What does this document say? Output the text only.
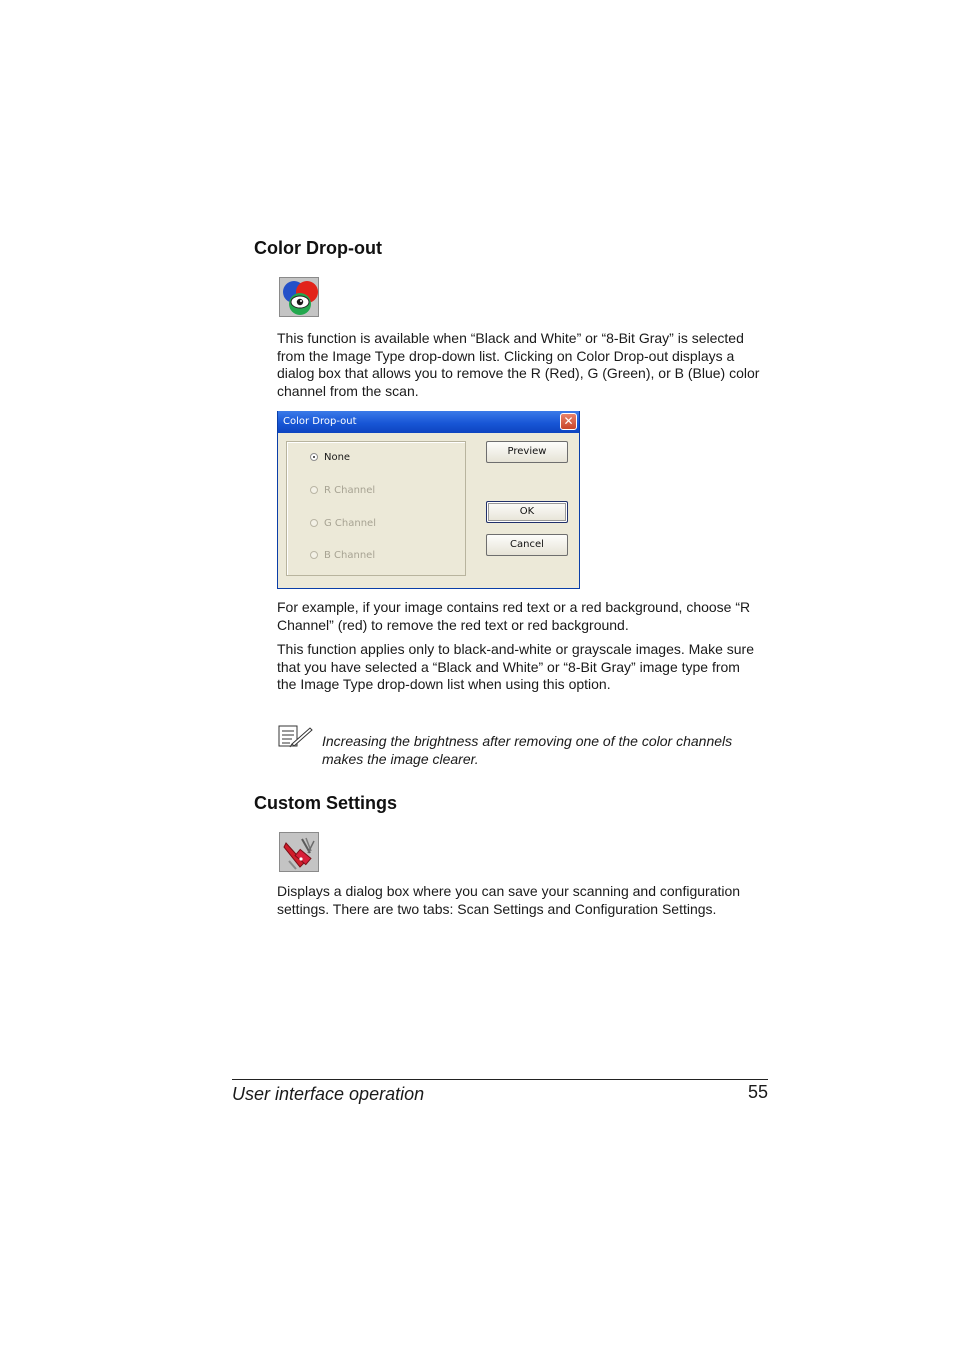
Color Drop-out
This function is available when “Black and White” or “8-Bit Gray” is selected
from the Image Type drop-down list. Clicking on Color Drop-out displays a
dialog box that allows you to remove the R (Red), G (Green), or B (Blue) color
channel from the scan.
Color Drop-out	✕
None
R Channel
G Channel
B Channel
Preview
OK
Cancel
For example, if your image contains red text or a red background, choose “R
Channel” (red) to remove the red text or red background.
This function applies only to black-and-white or grayscale images. Make sure
that you have selected a “Black and White” or “8-Bit Gray” image type from
the Image Type drop-down list when using this option.

Increasing the brightness after removing one of the color channels

makes the image clearer.

Custom Settings
Displays a dialog box where you can save your scanning and configuration
settings. There are two tabs: Scan Settings and Configuration Settings.
User interface operation	55
